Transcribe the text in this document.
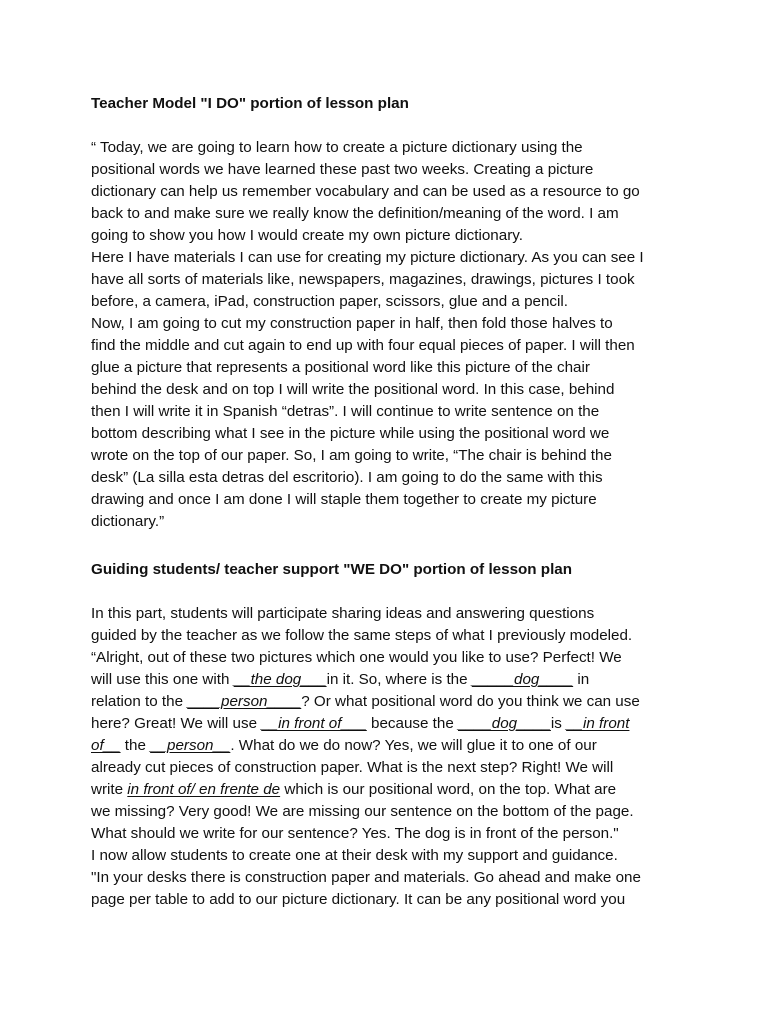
Teacher Model "I DO" portion of lesson plan
“ Today, we are going to learn how to create a picture dictionary using the
positional words we have learned these past two weeks. Creating a picture
dictionary can help us remember vocabulary and can be used as a resource to go
back to and make sure we really know the definition/meaning of the word. I am
going to show you how I would create my own picture dictionary.
Here I have materials I can use for creating my picture dictionary. As you can see I
have all sorts of materials like, newspapers, magazines, drawings, pictures I took
before, a camera, iPad, construction paper, scissors, glue and a pencil.
Now, I am going to cut my construction paper in half, then fold those halves to
find the middle and cut again to end up with four equal pieces of paper. I will then
glue a picture that represents a positional word like this picture of the chair
behind the desk and on top I will write the positional word. In this case, behind
then I will write it in Spanish “detras”. I will continue to write sentence on the
bottom describing what I see in the picture while using the positional word we
wrote on the top of our paper. So, I am going to write, “The chair is behind the
desk” (La silla esta detras del escritorio). I am going to do the same with this
drawing and once I am done I will staple them together to create my picture
dictionary.”
Guiding students/ teacher support "WE DO" portion of lesson plan
In this part, students will participate sharing ideas and answering questions
guided by the teacher as we follow the same steps of what I previously modeled.
“Alright, out of these two pictures which one would you like to use? Perfect! We
will use this one with __the dog___in it. So, where is the _____dog____ in
relation to the ____person____? Or what positional word do you think we can use
here? Great! We will use __in front of___ because the ____dog____is __in front
of__ the __person__. What do we do now? Yes, we will glue it to one of our
already cut pieces of construction paper. What is the next step? Right! We will
write in front of/ en frente de which is our positional word, on the top. What are
we missing? Very good! We are missing our sentence on the bottom of the page.
What should we write for our sentence? Yes. The dog is in front of the person."
I now allow students to create one at their desk with my support and guidance.
"In your desks there is construction paper and materials. Go ahead and make one
page per table to add to our picture dictionary. It can be any positional word you
